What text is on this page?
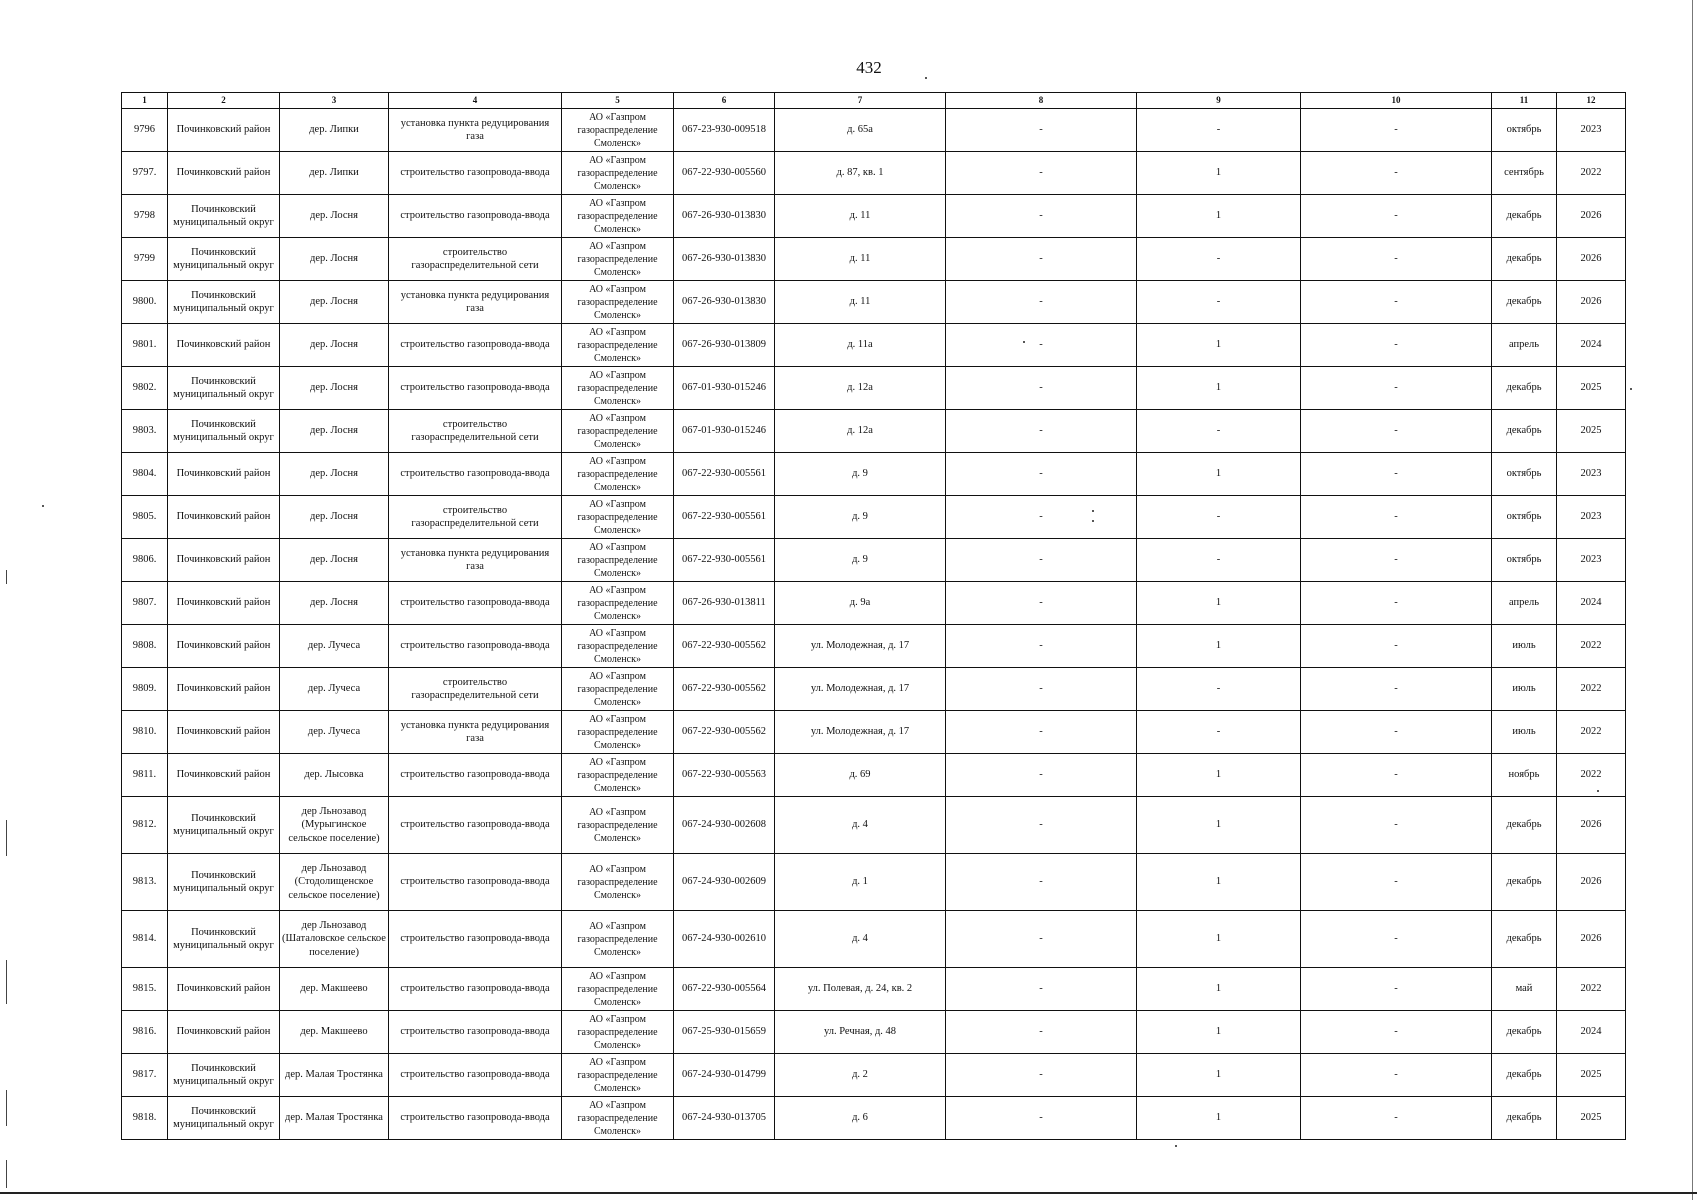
432
1	2	3	4	5	6	7	8	9	10	11	12
9796	Починковский район	дер. Липки	установка пункта редуцирования газа	АО «Газпром газораспределение Смоленск»	067-23-930-009518	д. 65а	-	-	-	октябрь	2023
9797.	Починковский район	дер. Липки	строительство газопровода-ввода	АО «Газпром газораспределение Смоленск»	067-22-930-005560	д. 87, кв. 1	-	1	-	сентябрь	2022
9798	Починковский муниципальный округ	дер. Лосня	строительство газопровода-ввода	АО «Газпром газораспределение Смоленск»	067-26-930-013830	д. 11	-	1	-	декабрь	2026
9799	Починковский муниципальный округ	дер. Лосня	строительство газораспределительной сети	АО «Газпром газораспределение Смоленск»	067-26-930-013830	д. 11	-	-	-	декабрь	2026
9800.	Починковский муниципальный округ	дер. Лосня	установка пункта редуцирования газа	АО «Газпром газораспределение Смоленск»	067-26-930-013830	д. 11	-	-	-	декабрь	2026
9801.	Починковский район	дер. Лосня	строительство газопровода-ввода	АО «Газпром газораспределение Смоленск»	067-26-930-013809	д. 11а	-	1	-	апрель	2024
9802.	Починковский муниципальный округ	дер. Лосня	строительство газопровода-ввода	АО «Газпром газораспределение Смоленск»	067-01-930-015246	д. 12а	-	1	-	декабрь	2025
9803.	Починковский муниципальный округ	дер. Лосня	строительство газораспределительной сети	АО «Газпром газораспределение Смоленск»	067-01-930-015246	д. 12а	-	-	-	декабрь	2025
9804.	Починковский район	дер. Лосня	строительство газопровода-ввода	АО «Газпром газораспределение Смоленск»	067-22-930-005561	д. 9	-	1	-	октябрь	2023
9805.	Починковский район	дер. Лосня	строительство газораспределительной сети	АО «Газпром газораспределение Смоленск»	067-22-930-005561	д. 9	-	-	-	октябрь	2023
9806.	Починковский район	дер. Лосня	установка пункта редуцирования газа	АО «Газпром газораспределение Смоленск»	067-22-930-005561	д. 9	-	-	-	октябрь	2023
9807.	Починковский район	дер. Лосня	строительство газопровода-ввода	АО «Газпром газораспределение Смоленск»	067-26-930-013811	д. 9а	-	1	-	апрель	2024
9808.	Починковский район	дер. Лучеса	строительство газопровода-ввода	АО «Газпром газораспределение Смоленск»	067-22-930-005562	ул. Молодежная, д. 17	-	1	-	июль	2022
9809.	Починковский район	дер. Лучеса	строительство газораспределительной сети	АО «Газпром газораспределение Смоленск»	067-22-930-005562	ул. Молодежная, д. 17	-	-	-	июль	2022
9810.	Починковский район	дер. Лучеса	установка пункта редуцирования газа	АО «Газпром газораспределение Смоленск»	067-22-930-005562	ул. Молодежная, д. 17	-	-	-	июль	2022
9811.	Починковский район	дер. Лысовка	строительство газопровода-ввода	АО «Газпром газораспределение Смоленск»	067-22-930-005563	д. 69	-	1	-	ноябрь	2022
9812.	Починковский муниципальный округ	дер Льнозавод (Мурыгинское сельское поселение)	строительство газопровода-ввода	АО «Газпром газораспределение Смоленск»	067-24-930-002608	д. 4	-	1	-	декабрь	2026
9813.	Починковский муниципальный округ	дер Льнозавод (Стодолищенское сельское поселение)	строительство газопровода-ввода	АО «Газпром газораспределение Смоленск»	067-24-930-002609	д. 1	-	1	-	декабрь	2026
9814.	Починковский муниципальный округ	дер Льнозавод (Шаталовское сельское поселение)	строительство газопровода-ввода	АО «Газпром газораспределение Смоленск»	067-24-930-002610	д. 4	-	1	-	декабрь	2026
9815.	Починковский район	дер. Макшеево	строительство газопровода-ввода	АО «Газпром газораспределение Смоленск»	067-22-930-005564	ул. Полевая, д. 24, кв. 2	-	1	-	май	2022
9816.	Починковский район	дер. Макшеево	строительство газопровода-ввода	АО «Газпром газораспределение Смоленск»	067-25-930-015659	ул. Речная, д. 48	-	1	-	декабрь	2024
9817.	Починковский муниципальный округ	дер. Малая Тростянка	строительство газопровода-ввода	АО «Газпром газораспределение Смоленск»	067-24-930-014799	д. 2	-	1	-	декабрь	2025
9818.	Починковский муниципальный округ	дер. Малая Тростянка	строительство газопровода-ввода	АО «Газпром газораспределение Смоленск»	067-24-930-013705	д. 6	-	1	-	декабрь	2025
